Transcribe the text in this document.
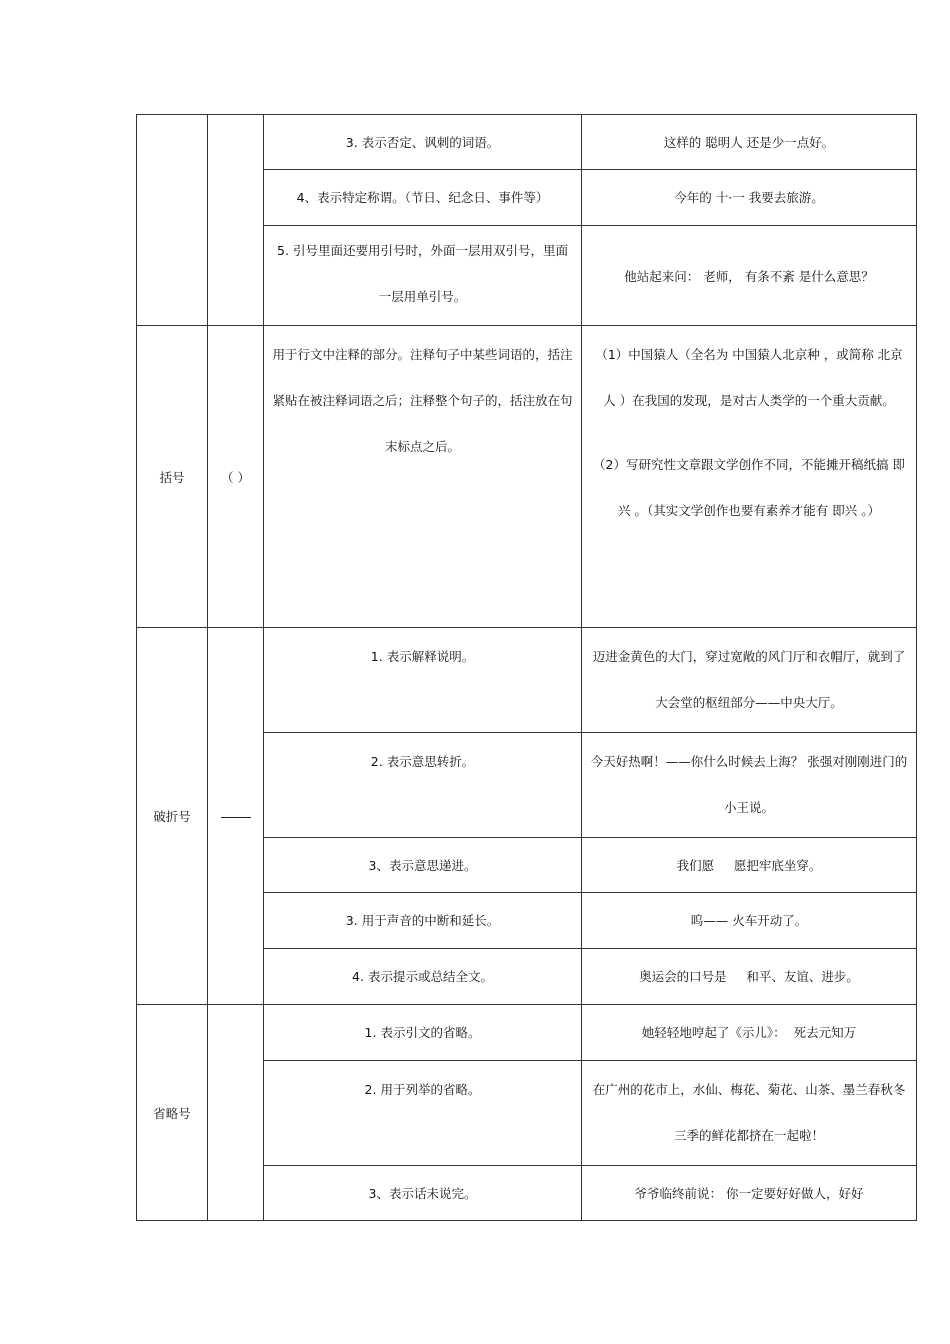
		3. 表示否定、讽刺的词语。	这样的 聪明人 还是少一点好。

		4、表示特定称谓。（节日、纪念日、事件等）	今年的 十·一 我要去旅游。

		5. 引号里面还要用引号时，外面一层用双引号，里面一层用单引号。	他站起来问： 老师， 有条不紊 是什么意思？

括号	（ ）	用于行文中注释的部分。注释句子中某些词语的，括注紧贴在被注释词语之后；注释整个句子的，括注放在句末标点之后。	（1）中国猿人（全名为 中国猿人北京种 ，或简称 北京人 ）在我国的发现，是对古人类学的一个重大贡献。
（2）写研究性文章跟文学创作不同，不能摊开稿纸搞 即兴 。（其实文学创作也要有素养才能有 即兴 。）

破折号		1. 表示解释说明。	迈进金黄色的大门，穿过宽敞的风门厅和衣帽厅，就到了大会堂的枢纽部分——中央大厅。

		2. 表示意思转折。	今天好热啊！——你什么时候去上海？ 张强对刚刚进门的小王说。

		3、表示意思递进。	我们愿     愿把牢底坐穿。

		3. 用于声音的中断和延长。	呜—— 火车开动了。

		4. 表示提示或总结全文。	奥运会的口号是     和平、友谊、进步。

省略号		1. 表示引文的省略。	她轻轻地哼起了《示儿》：  死去元知万

		2. 用于列举的省略。	在广州的花市上，水仙、梅花、菊花、山茶、墨兰春秋冬三季的鲜花都挤在一起啦！

		3、表示话未说完。	爷爷临终前说： 你一定要好好做人，好好
